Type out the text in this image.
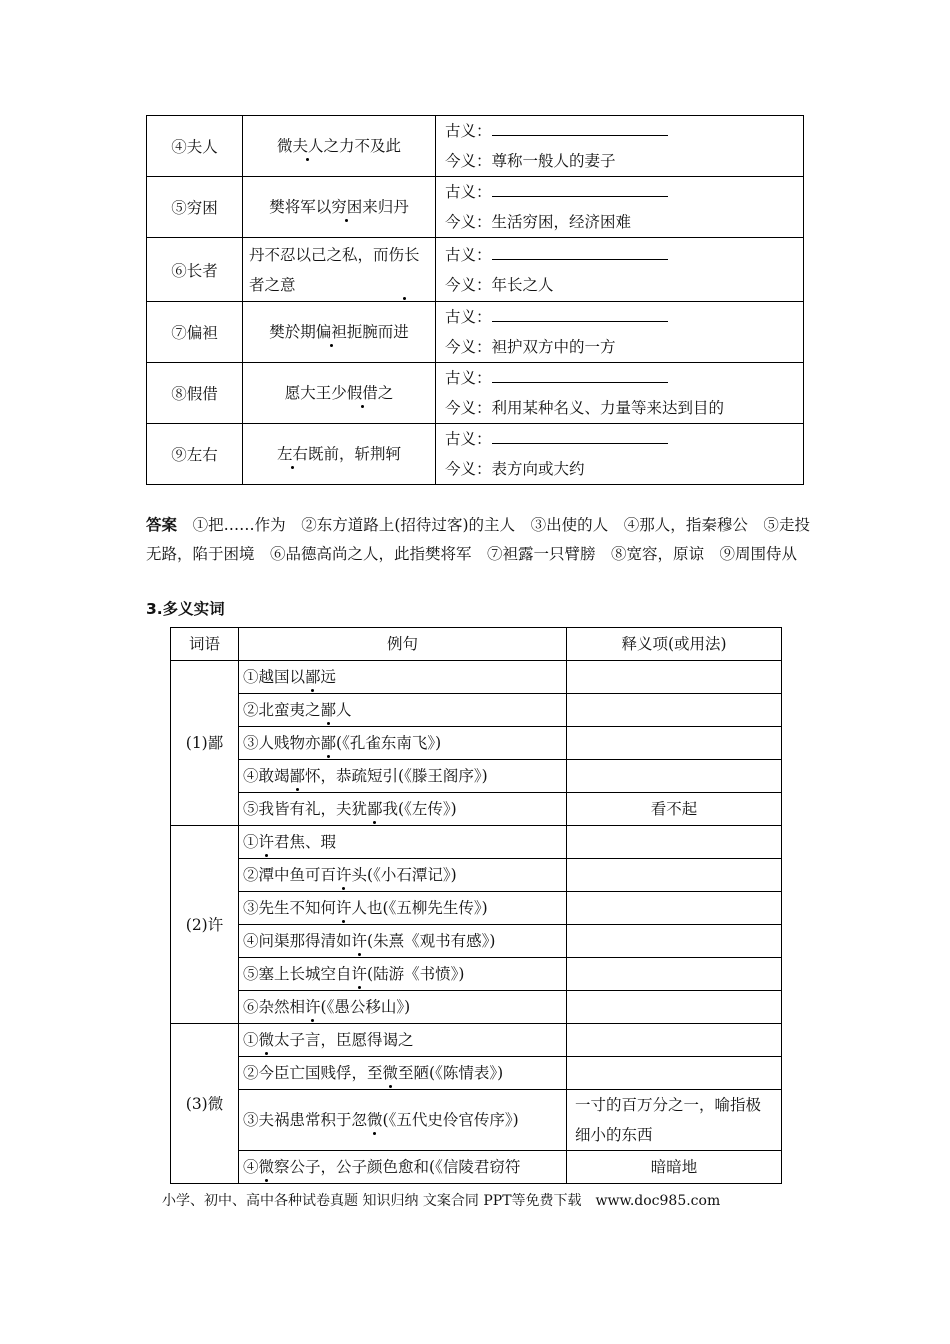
④夫人	微夫人之力不及此	古义：
今义：尊称一般人的妻子

⑤穷困	樊将军以穷困来归丹	古义：
今义：生活穷困，经济困难

⑥长者	丹不忍以己之私，而伤长者之意	古义：
今义：年长之人

⑦偏袒	樊於期偏袒扼腕而进	古义：
今义：袒护双方中的一方

⑧假借	愿大王少假借之	古义：
今义：利用某种名义、力量等来达到目的

⑨左右	左右既前，斩荆轲	古义：
今义：表方向或大约
答案　 ①把……作为　②东方道路上(招待过客)的主人　③出使的人　④那人，指秦穆公　⑤走投无路，陷于困境　⑥品德高尚之人，此指樊将军　⑦袒露一只臂膀　⑧宽容，原谅　⑨周围侍从
3.多义实词
词语	例句	释义项(或用法)
(1)鄙	①越国以鄙远	
	②北蛮夷之鄙人	
	③人贱物亦鄙(《孔雀东南飞》)	
	④敢竭鄙怀，恭疏短引(《滕王阁序》)	
	⑤我皆有礼，夫犹鄙我(《左传》)	看不起
(2)许	①许君焦、瑕	
	②潭中鱼可百许头(《小石潭记》)	
	③先生不知何许人也(《五柳先生传》)	
	④问渠那得清如许(朱熹《观书有感》)	
	⑤塞上长城空自许(陆游《书愤》)	
	⑥杂然相许(《愚公移山》)	
(3)微	①微太子言，臣愿得谒之	
	②今臣亡国贱俘，至微至陋(《陈情表》)	
	③夫祸患常积于忽微(《五代史伶官传序》)	一寸的百万分之一，喻指极细小的东西
	④微察公子，公子颜色愈和(《信陵君窃符	暗暗地
小学、初中、高中各种试卷真题 知识归纳 文案合同 PPT等免费下载 www.doc985.com
